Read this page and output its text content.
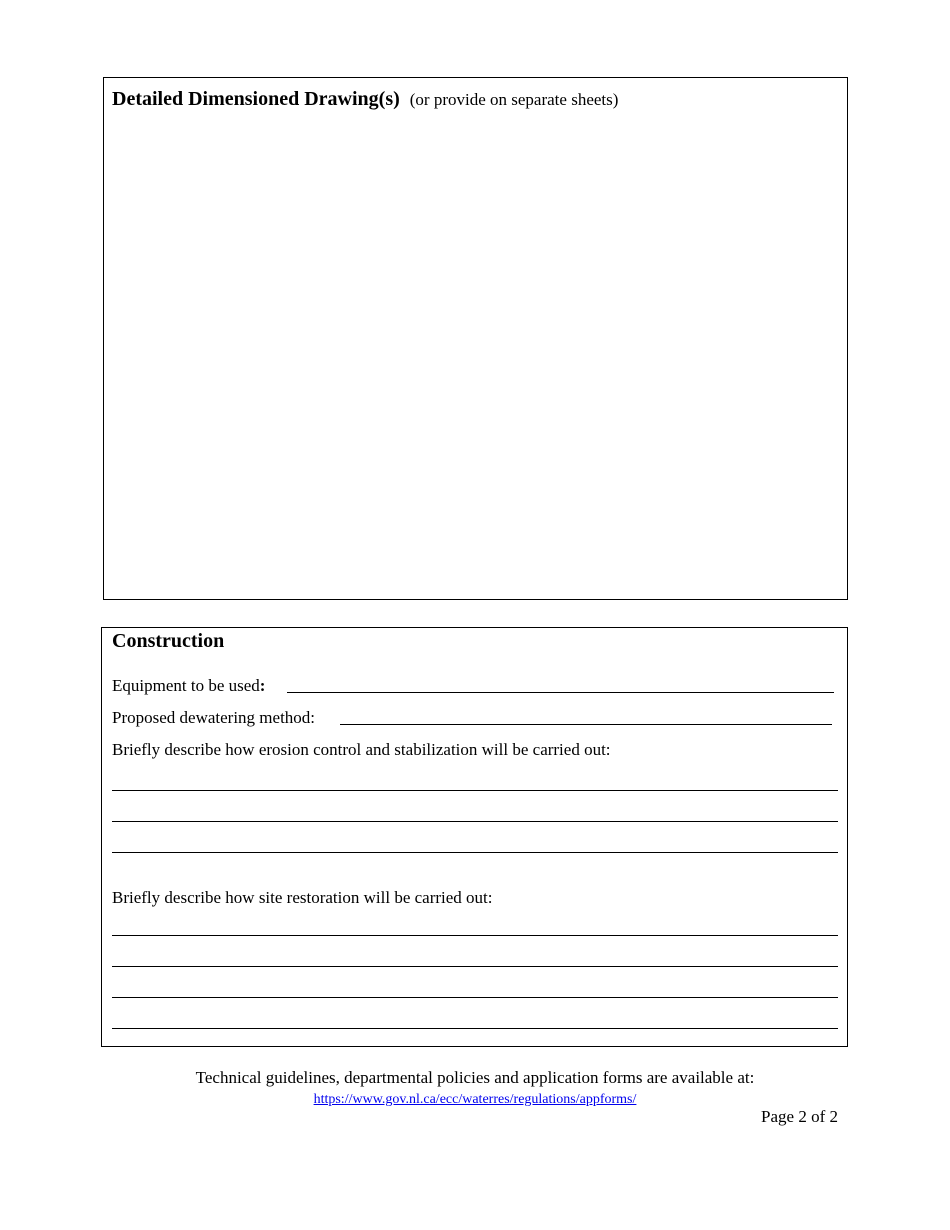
Detailed Dimensioned Drawing(s) (or provide on separate sheets)
Construction
Equipment to be used:
Proposed dewatering method:
Briefly describe how erosion control and stabilization will be carried out:
Briefly describe how site restoration will be carried out:
Technical guidelines, departmental policies and application forms are available at:
https://www.gov.nl.ca/ecc/waterres/regulations/appforms/
Page 2 of 2
